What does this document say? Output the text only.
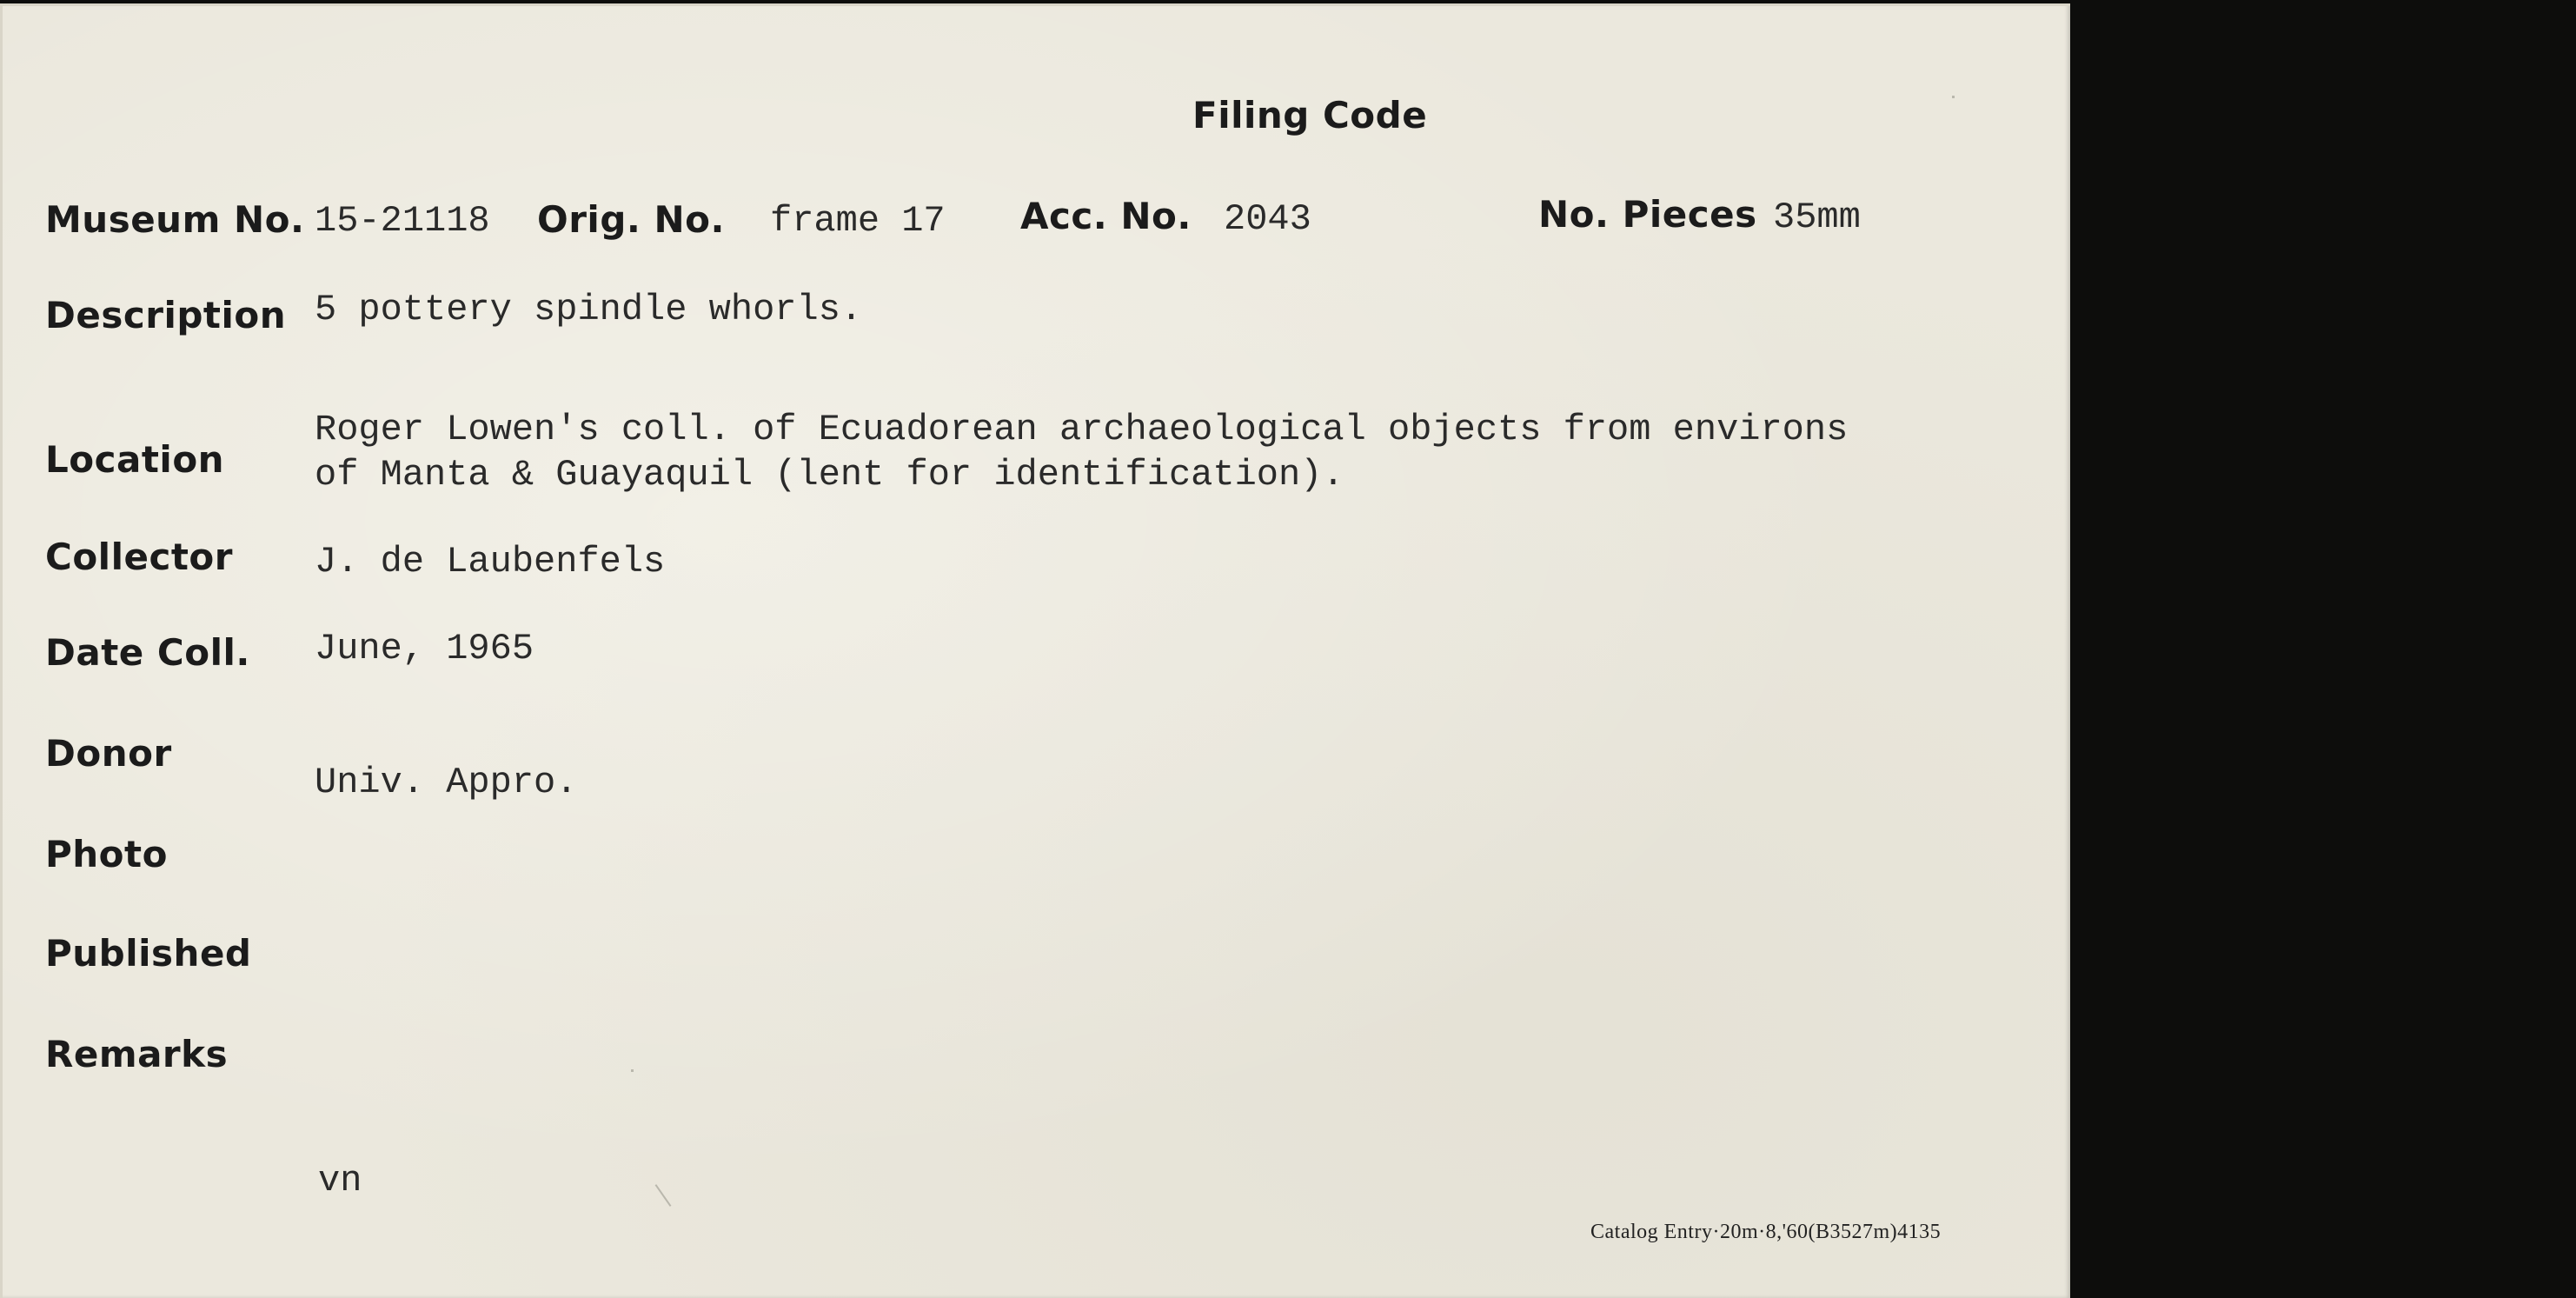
Filing Code
Museum No. 15-21118 Orig. No. frame 17 Acc. No. 2043	No. Pieces 35mm
Description 5 pottery spindle whorls.
Location
Roger Lowen's coll. of Ecuadorean archaeological objects from environs
of Manta & Guayaquil (lent for identification).
Collector J. de Laubenfels
Date Coll. June, 1965
Donor
Univ. Appro.
Photo
Published
Remarks
vn
Catalog Entry·20m·8,'60(B3527m)4135
